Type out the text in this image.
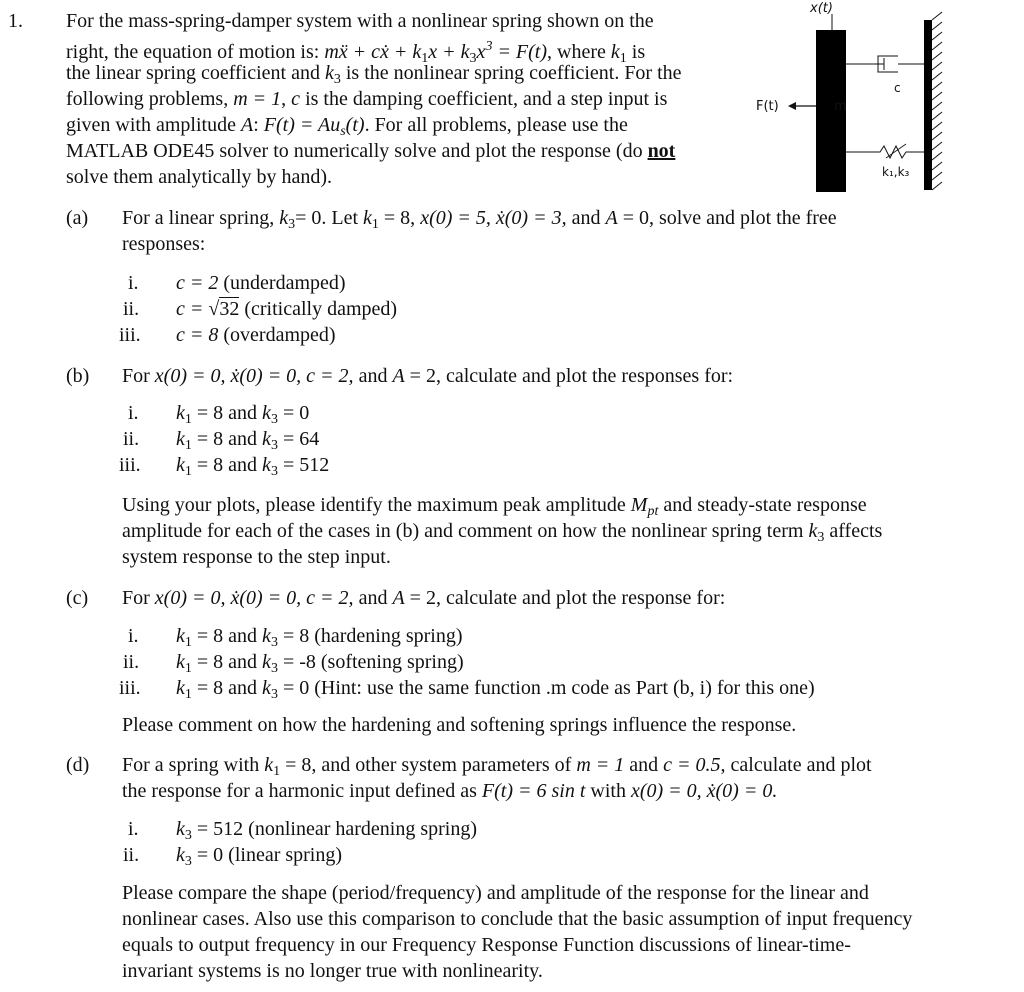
1. For the mass-spring-damper system with a nonlinear spring shown on the
right, the equation of motion is: mẍ + cẋ + $k_1x + k_3x^3 = F(t)$, where $k_1$ is
the linear spring coefficient and $k_3$ is the nonlinear spring coefficient. For the
following problems, m = 1, c is the damping coefficient, and a step input is
given with amplitude A: $F(t) = Au_s(t)$. For all problems, please use the
MATLAB ODE45 solver to numerically solve and plot the response (do not
solve them analytically by hand).
x(t)
m
F(t)
c
k₁,k₃
(a) For a linear spring, $k_3= 0$. Let $k_1 = 8$, x(0) = 5, ẋ(0) = 3, and A = 0, solve and plot the free
responses:
i. c = 2 (underdamped)
ii. c = √32 (critically damped)
iii. c = 8 (overdamped)
(b) For x(0) = 0, ẋ(0) = 0, c = 2, and A = 2, calculate and plot the responses for:
i. $k_1 = 8$ and $k_3 = 0$
ii. $k_1 = 8$ and $k_3 = 64$
iii. $k_1 = 8$ and $k_3 = 512$
Using your plots, please identify the maximum peak amplitude $M_{pt}$ and steady-state response
amplitude for each of the cases in (b) and comment on how the nonlinear spring term $k_3$ affects
system response to the step input.
(c) For x(0) = 0, ẋ(0) = 0, c = 2, and A = 2, calculate and plot the response for:
i. $k_1 = 8$ and $k_3 = 8$ (hardening spring)
ii. $k_1 = 8$ and $k_3 = -8$ (softening spring)
iii. $k_1 = 8$ and $k_3 = 0$ (Hint: use the same function .m code as Part (b, i) for this one)
Please comment on how the hardening and softening springs influence the response.
(d) For a spring with $k_1 = 8$, and other system parameters of m = 1 and c = 0.5, calculate and plot
the response for a harmonic input defined as F(t) = 6 sin t with x(0) = 0, ẋ(0) = 0.
i. $k_3 = 512$ (nonlinear hardening spring)
ii. $k_3 = 0$ (linear spring)
Please compare the shape (period/frequency) and amplitude of the response for the linear and
nonlinear cases. Also use this comparison to conclude that the basic assumption of input frequency
equals to output frequency in our Frequency Response Function discussions of linear-time-
invariant systems is no longer true with nonlinearity.
